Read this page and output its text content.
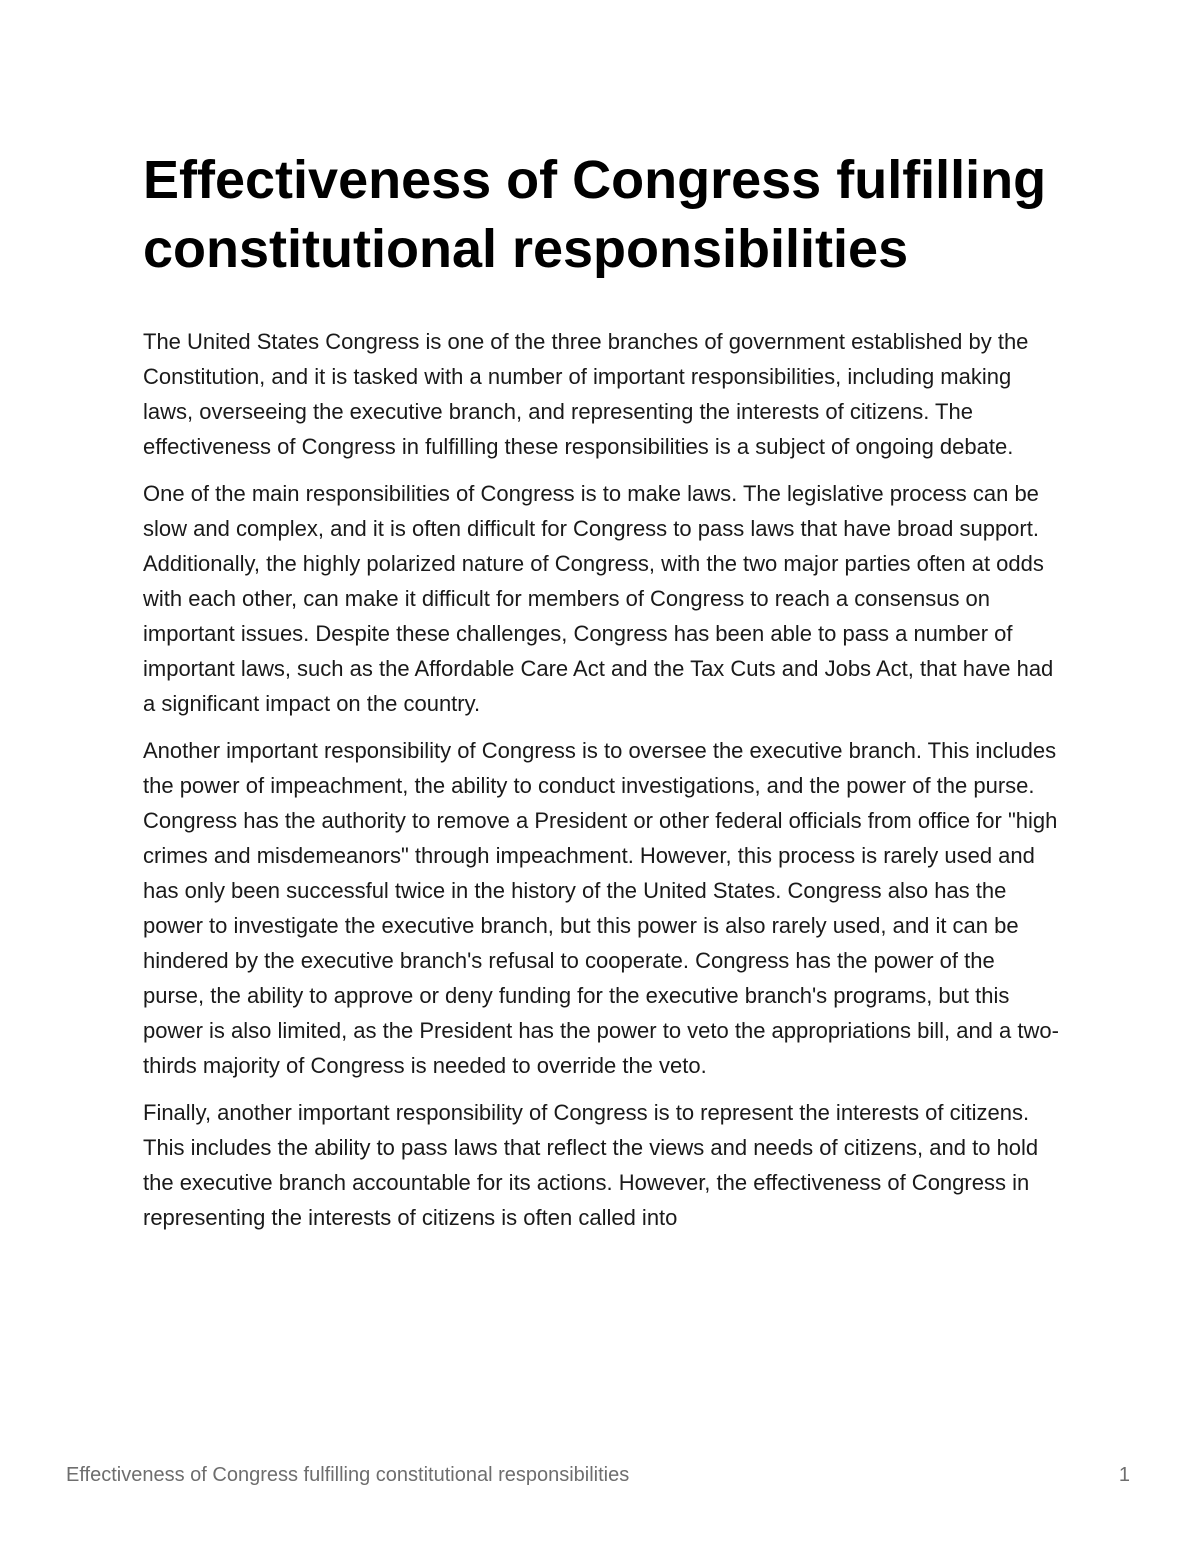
Effectiveness of Congress fulfilling constitutional responsibilities

The United States Congress is one of the three branches of government established by the Constitution, and it is tasked with a number of important responsibilities, including making laws, overseeing the executive branch, and representing the interests of citizens. The effectiveness of Congress in fulfilling these responsibilities is a subject of ongoing debate.

One of the main responsibilities of Congress is to make laws. The legislative process can be slow and complex, and it is often difficult for Congress to pass laws that have broad support. Additionally, the highly polarized nature of Congress, with the two major parties often at odds with each other, can make it difficult for members of Congress to reach a consensus on important issues. Despite these challenges, Congress has been able to pass a number of important laws, such as the Affordable Care Act and the Tax Cuts and Jobs Act, that have had a significant impact on the country.

Another important responsibility of Congress is to oversee the executive branch. This includes the power of impeachment, the ability to conduct investigations, and the power of the purse. Congress has the authority to remove a President or other federal officials from office for "high crimes and misdemeanors" through impeachment. However, this process is rarely used and has only been successful twice in the history of the United States. Congress also has the power to investigate the executive branch, but this power is also rarely used, and it can be hindered by the executive branch's refusal to cooperate. Congress has the power of the purse, the ability to approve or deny funding for the executive branch's programs, but this power is also limited, as the President has the power to veto the appropriations bill, and a two-thirds majority of Congress is needed to override the veto.

Finally, another important responsibility of Congress is to represent the interests of citizens. This includes the ability to pass laws that reflect the views and needs of citizens, and to hold the executive branch accountable for its actions. However, the effectiveness of Congress in representing the interests of citizens is often called into

Effectiveness of Congress fulfilling constitutional responsibilities	1
